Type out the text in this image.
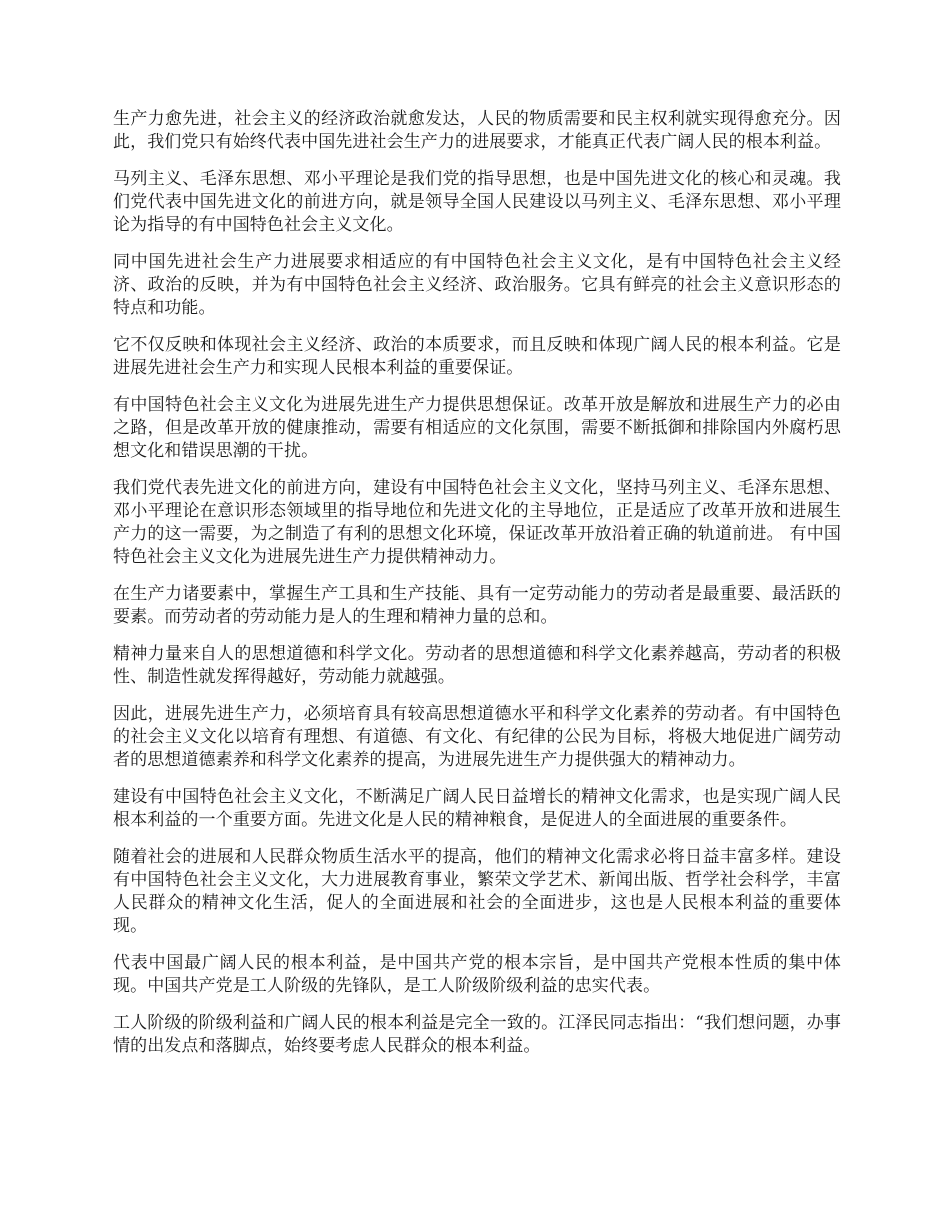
生产力愈先进，社会主义的经济政治就愈发达，人民的物质需要和民主权利就实现得愈充分。因此，我们党只有始终代表中国先进社会生产力的进展要求，才能真正代表广阔人民的根本利益。

马列主义、毛泽东思想、邓小平理论是我们党的指导思想，也是中国先进文化的核心和灵魂。我们党代表中国先进文化的前进方向，就是领导全国人民建设以马列主义、毛泽东思想、邓小平理论为指导的有中国特色社会主义文化。

同中国先进社会生产力进展要求相适应的有中国特色社会主义文化，是有中国特色社会主义经济、政治的反映，并为有中国特色社会主义经济、政治服务。它具有鲜亮的社会主义意识形态的特点和功能。

它不仅反映和体现社会主义经济、政治的本质要求，而且反映和体现广阔人民的根本利益。它是进展先进社会生产力和实现人民根本利益的重要保证。

有中国特色社会主义文化为进展先进生产力提供思想保证。改革开放是解放和进展生产力的必由之路，但是改革开放的健康推动，需要有相适应的文化氛围，需要不断抵御和排除国内外腐朽思想文化和错误思潮的干扰。

我们党代表先进文化的前进方向，建设有中国特色社会主义文化，坚持马列主义、毛泽东思想、邓小平理论在意识形态领域里的指导地位和先进文化的主导地位，正是适应了改革开放和进展生产力的这一需要，为之制造了有利的思想文化环境，保证改革开放沿着正确的轨道前进。 有中国特色社会主义文化为进展先进生产力提供精神动力。

在生产力诸要素中，掌握生产工具和生产技能、具有一定劳动能力的劳动者是最重要、最活跃的要素。而劳动者的劳动能力是人的生理和精神力量的总和。

精神力量来自人的思想道德和科学文化。劳动者的思想道德和科学文化素养越高，劳动者的积极性、制造性就发挥得越好，劳动能力就越强。

因此，进展先进生产力，必须培育具有较高思想道德水平和科学文化素养的劳动者。有中国特色的社会主义文化以培育有理想、有道德、有文化、有纪律的公民为目标，将极大地促进广阔劳动者的思想道德素养和科学文化素养的提高，为进展先进生产力提供强大的精神动力。

建设有中国特色社会主义文化，不断满足广阔人民日益增长的精神文化需求，也是实现广阔人民根本利益的一个重要方面。先进文化是人民的精神粮食，是促进人的全面进展的重要条件。

随着社会的进展和人民群众物质生活水平的提高，他们的精神文化需求必将日益丰富多样。建设有中国特色社会主义文化，大力进展教育事业，繁荣文学艺术、新闻出版、哲学社会科学，丰富人民群众的精神文化生活，促人的全面进展和社会的全面进步，这也是人民根本利益的重要体现。

代表中国最广阔人民的根本利益，是中国共产党的根本宗旨，是中国共产党根本性质的集中体现。中国共产党是工人阶级的先锋队，是工人阶级阶级利益的忠实代表。

工人阶级的阶级利益和广阔人民的根本利益是完全一致的。江泽民同志指出：“我们想问题，办事情的出发点和落脚点，始终要考虑人民群众的根本利益。
